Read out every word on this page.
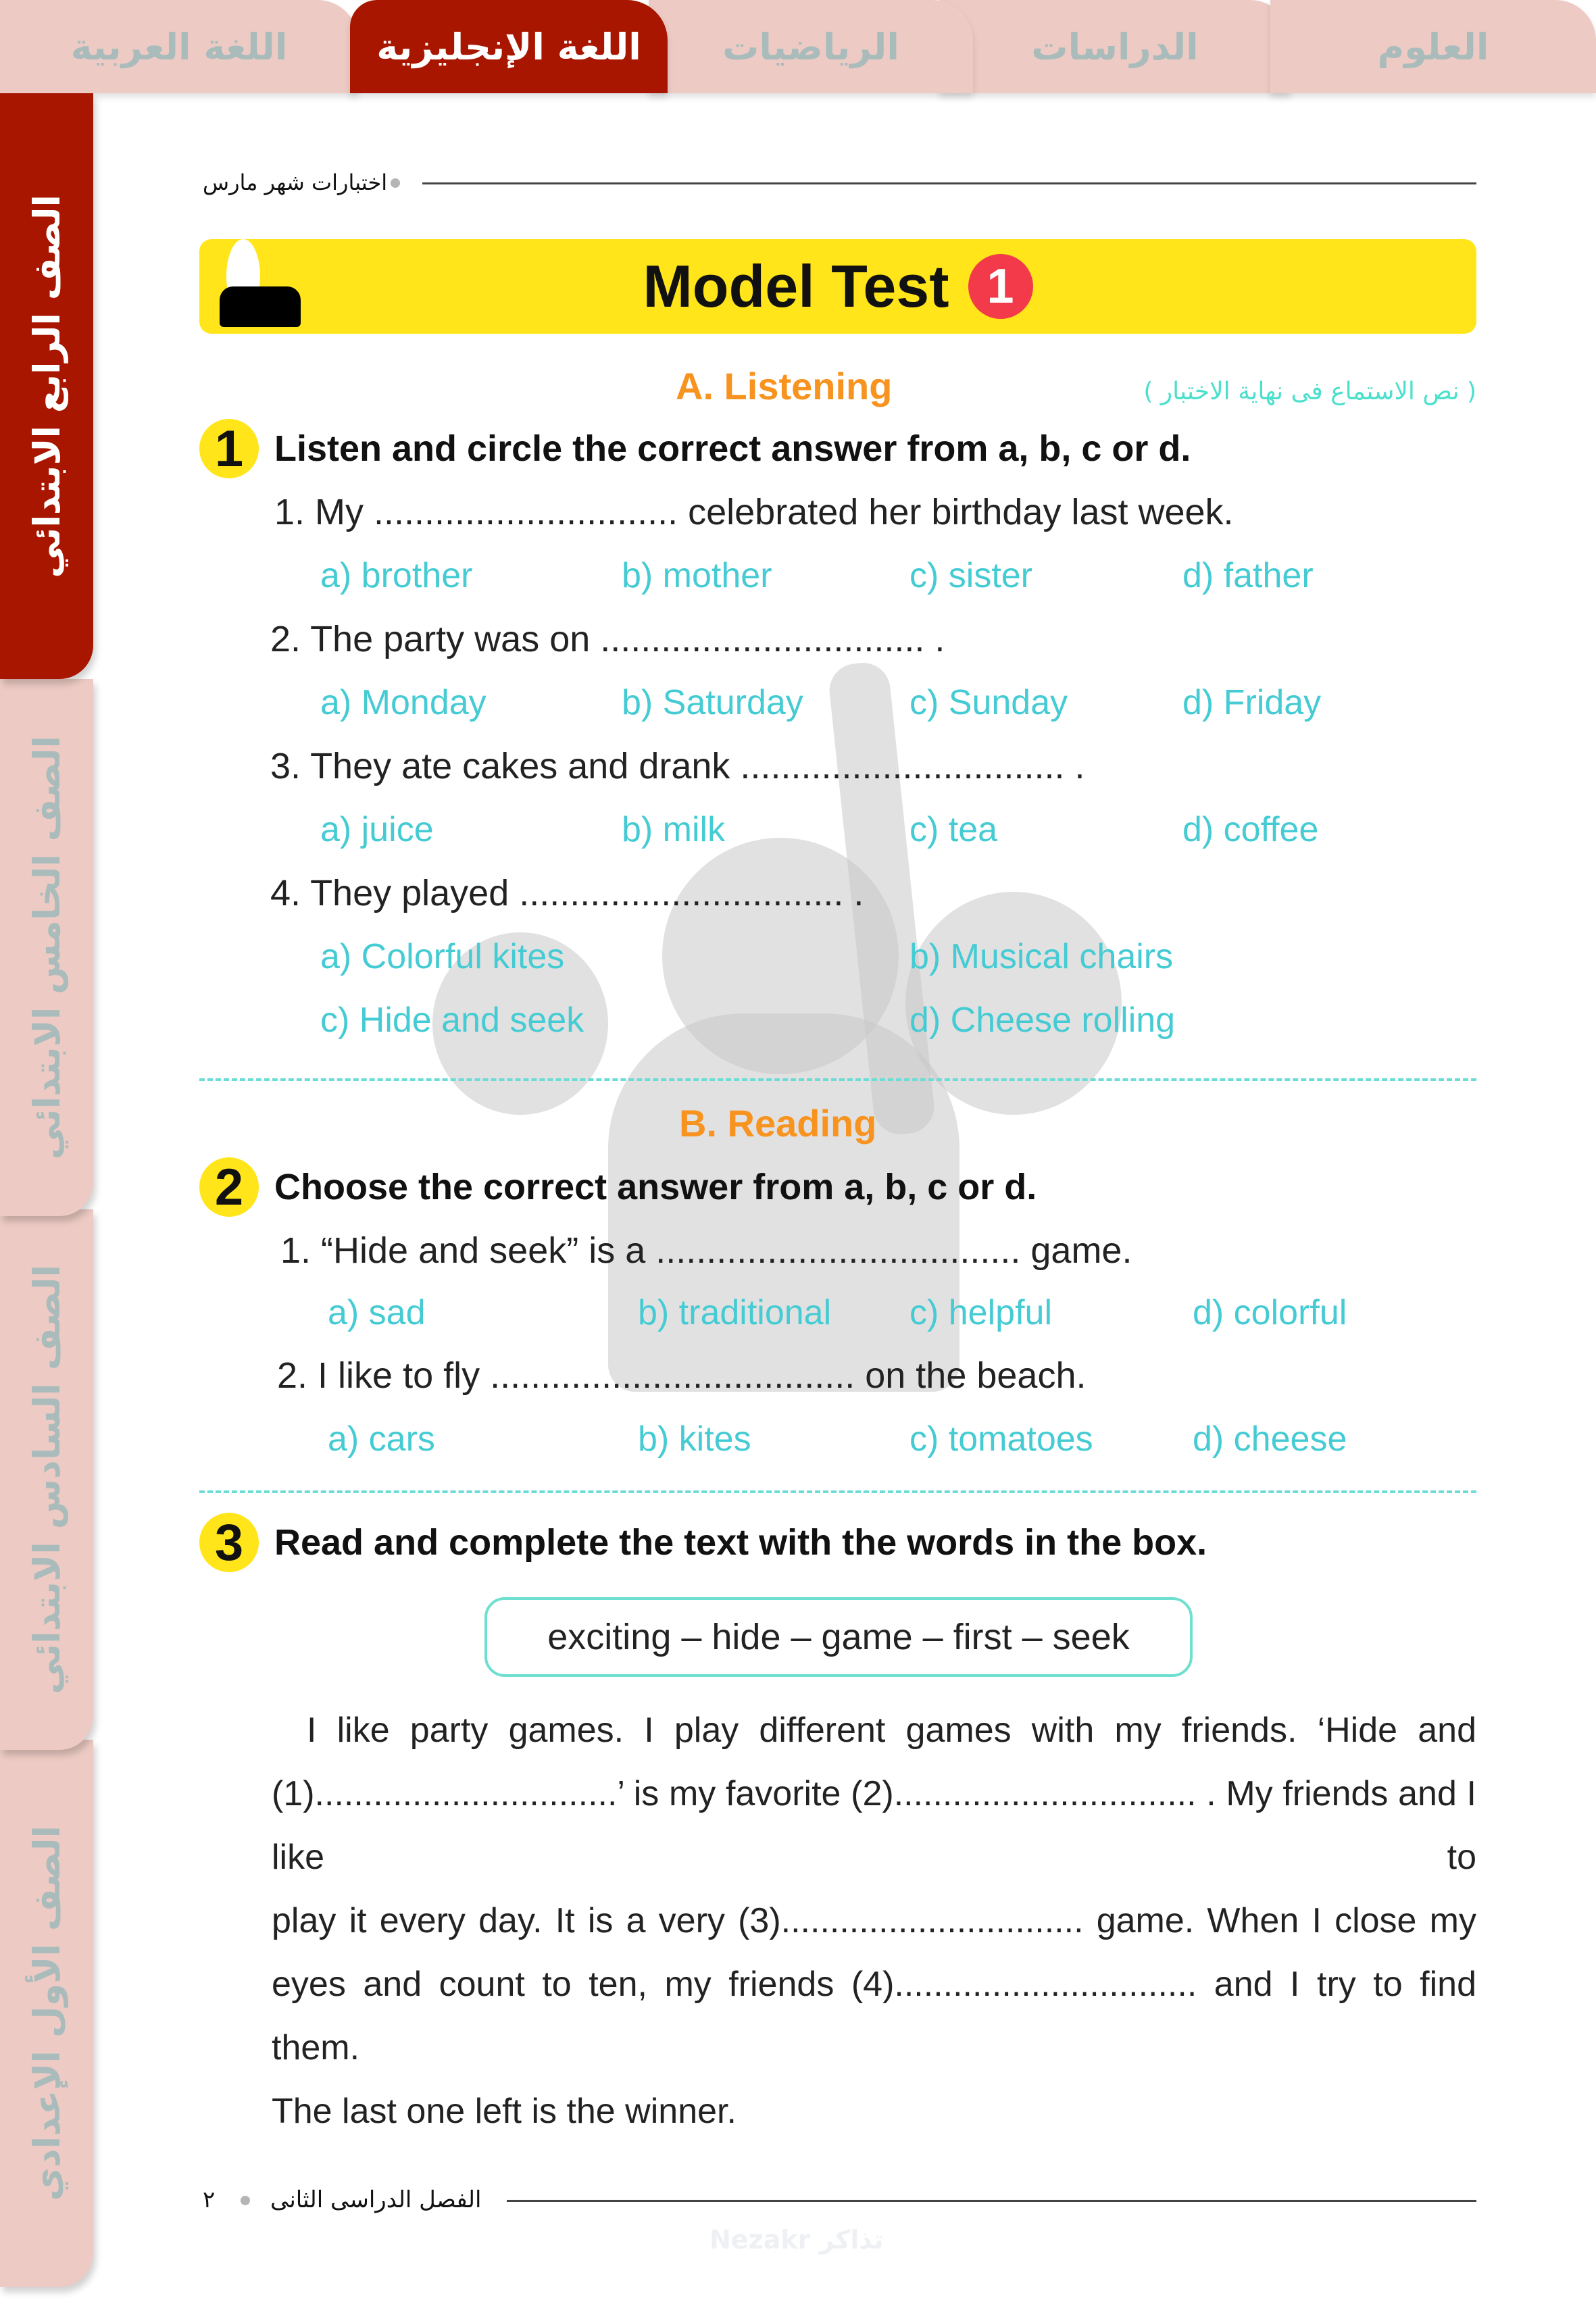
اللغة العربية	الدراسات	العلوم
الرياضيات
اللغة الإنجليزية
الصف الأول الإعدادي
الصف السادس الابتدائي
الصف الخامس الابتدائي
الصف الرابع الابتدائي
اختبارات شهر مارس
Model Test 1
A. Listening	( نص الاستماع فى نهاية الاختبار )
1 Listen and circle the correct answer from a, b, c or d.
1. My .............................. celebrated her birthday last week.
a) brother	b) mother	c) sister	d) father
2. The party was on ................................ .
a) Monday	b) Saturday	c) Sunday	d) Friday
3. They ate cakes and drank ................................ .
a) juice	b) milk	c) tea	d) coffee
4. They played ................................ .
a) Colorful kites	b) Musical chairs
c) Hide and seek	d) Cheese rolling
B. Reading
2 Choose the correct answer from a, b, c or d.
1. “Hide and seek” is a .................................... game.
a) sad	b) traditional c) helpful	d) colorful
2. I like to fly .................................... on the beach.
a) cars	b) kites	c) tomatoes	d) cheese
3 Read and complete the text with the words in the box.
exciting – hide – game – first – seek
I like party games. I play different games with my friends. ‘Hide and
(1)...............................’ is my favorite (2)............................... . My friends and I like to
play it every day. It is a very (3)............................... game. When I close my
eyes and count to ten, my friends (4)............................... and I try to find them.
The last one left is the winner.
٢ الفصل الدراسى الثانى
Nezakr تذاكر
